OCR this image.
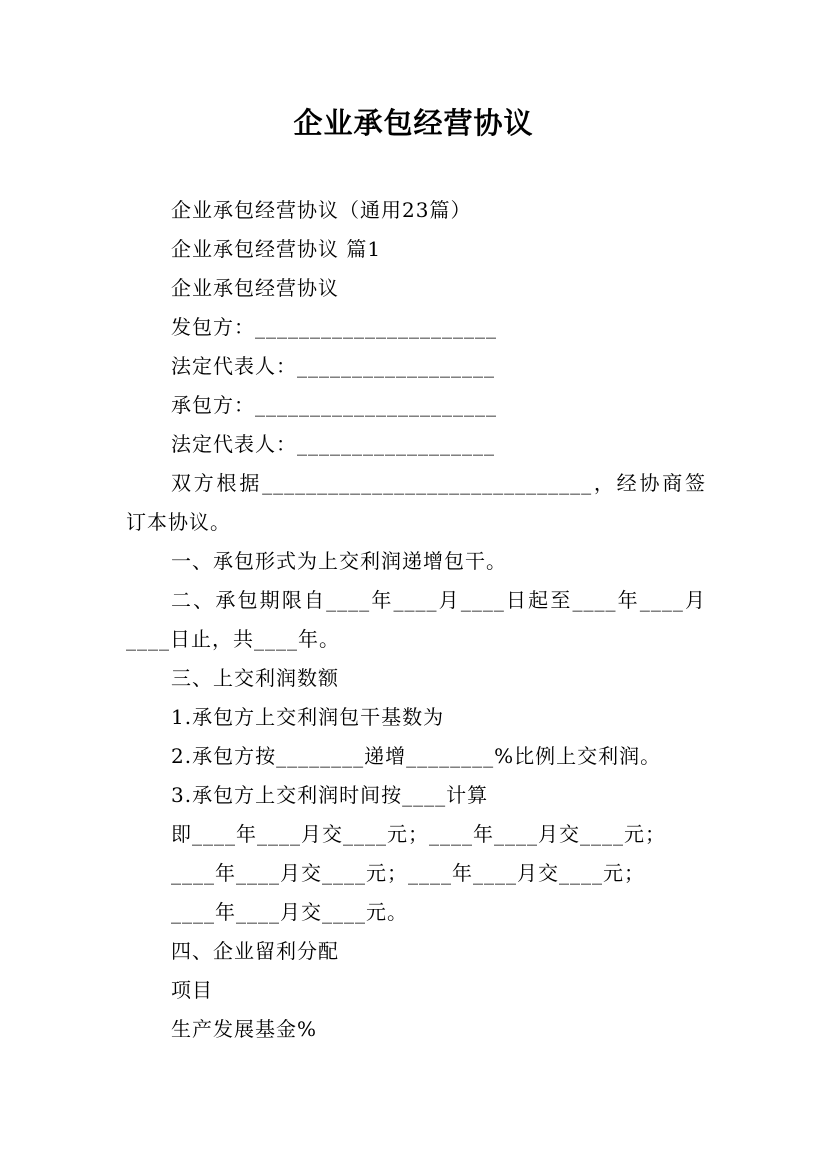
企业承包经营协议
企业承包经营协议（通用23篇）
企业承包经营协议 篇1
企业承包经营协议
发包方：______________________
法定代表人：__________________
承包方：______________________
法定代表人：__________________
双方根据______________________________，经协商签
订本协议。
一、承包形式为上交利润递增包干。
二、承包期限自____年____月____日起至____年____月
____日止，共____年。
三、上交利润数额
1.承包方上交利润包干基数为
2.承包方按________递增________%比例上交利润。
3.承包方上交利润时间按____计算
即____年____月交____元；____年____月交____元；
____年____月交____元；____年____月交____元；
____年____月交____元。
四、企业留利分配
项目
生产发展基金%
